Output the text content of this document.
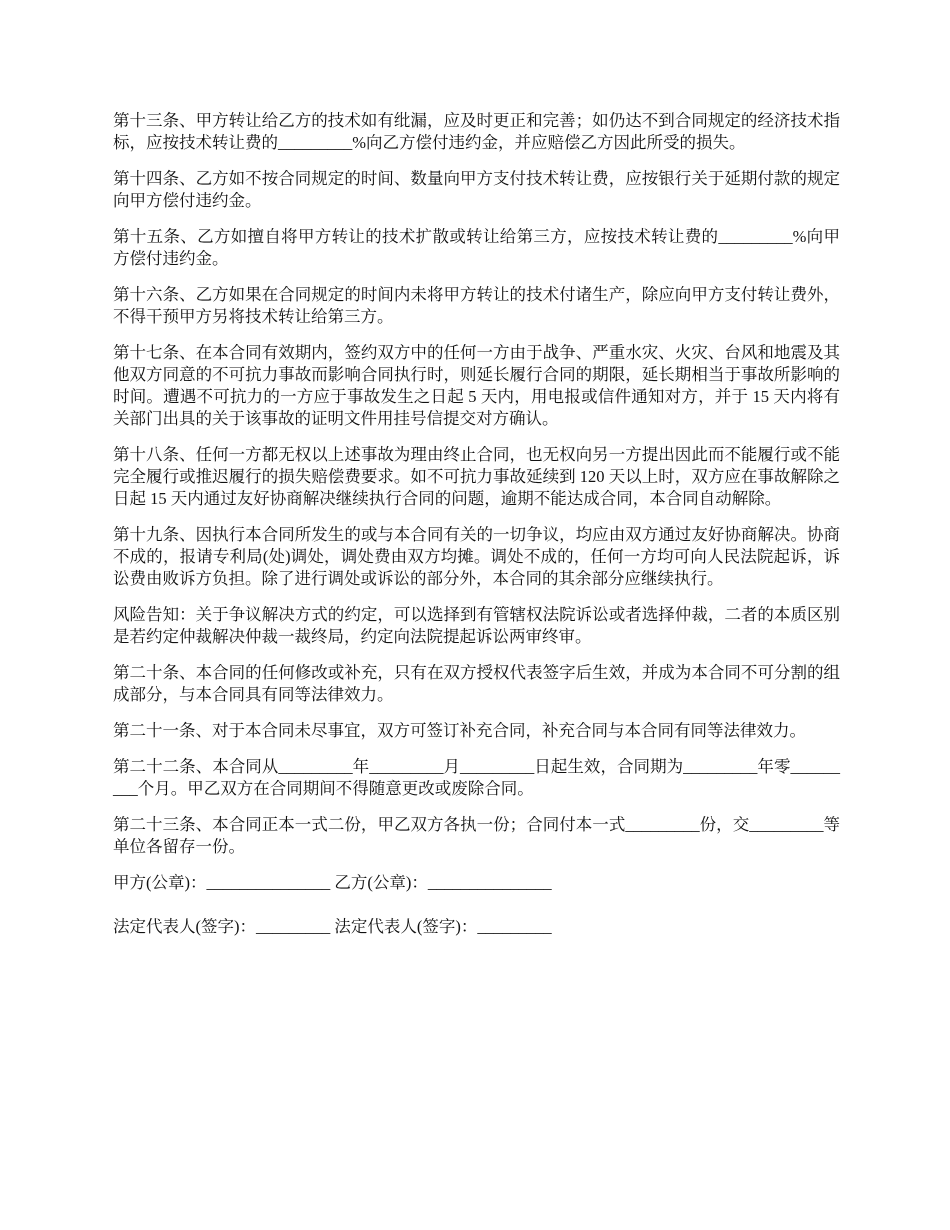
第十三条、甲方转让给乙方的技术如有纰漏，应及时更正和完善；如仍达不到合同规定的经济技术指标，应按技术转让费的_________%向乙方偿付违约金，并应赔偿乙方因此所受的损失。

第十四条、乙方如不按合同规定的时间、数量向甲方支付技术转让费，应按银行关于延期付款的规定向甲方偿付违约金。

第十五条、乙方如擅自将甲方转让的技术扩散或转让给第三方，应按技术转让费的_________%向甲方偿付违约金。

第十六条、乙方如果在合同规定的时间内未将甲方转让的技术付诸生产，除应向甲方支付转让费外，不得干预甲方另将技术转让给第三方。

第十七条、在本合同有效期内，签约双方中的任何一方由于战争、严重水灾、火灾、台风和地震及其他双方同意的不可抗力事故而影响合同执行时，则延长履行合同的期限，延长期相当于事故所影响的时间。遭遇不可抗力的一方应于事故发生之日起 5 天内，用电报或信件通知对方，并于 15 天内将有关部门出具的关于该事故的证明文件用挂号信提交对方确认。

第十八条、任何一方都无权以上述事故为理由终止合同，也无权向另一方提出因此而不能履行或不能完全履行或推迟履行的损失赔偿费要求。如不可抗力事故延续到 120 天以上时，双方应在事故解除之日起 15 天内通过友好协商解决继续执行合同的问题，逾期不能达成合同，本合同自动解除。

第十九条、因执行本合同所发生的或与本合同有关的一切争议，均应由双方通过友好协商解决。协商不成的，报请专利局(处)调处，调处费由双方均摊。调处不成的，任何一方均可向人民法院起诉，诉讼费由败诉方负担。除了进行调处或诉讼的部分外，本合同的其余部分应继续执行。

风险告知：关于争议解决方式的约定，可以选择到有管辖权法院诉讼或者选择仲裁，二者的本质区别是若约定仲裁解决仲裁一裁终局，约定向法院提起诉讼两审终审。

第二十条、本合同的任何修改或补充，只有在双方授权代表签字后生效，并成为本合同不可分割的组成部分，与本合同具有同等法律效力。

第二十一条、对于本合同未尽事宜，双方可签订补充合同，补充合同与本合同有同等法律效力。

第二十二条、本合同从_________年_________月_________日起生效，合同期为_________年零_________个月。甲乙双方在合同期间不得随意更改或废除合同。

第二十三条、本合同正本一式二份，甲乙双方各执一份；合同付本一式_________份，交_________等单位各留存一份。

甲方(公章)：_______________ 乙方(公章)：_______________

法定代表人(签字)：_________ 法定代表人(签字)：_________
